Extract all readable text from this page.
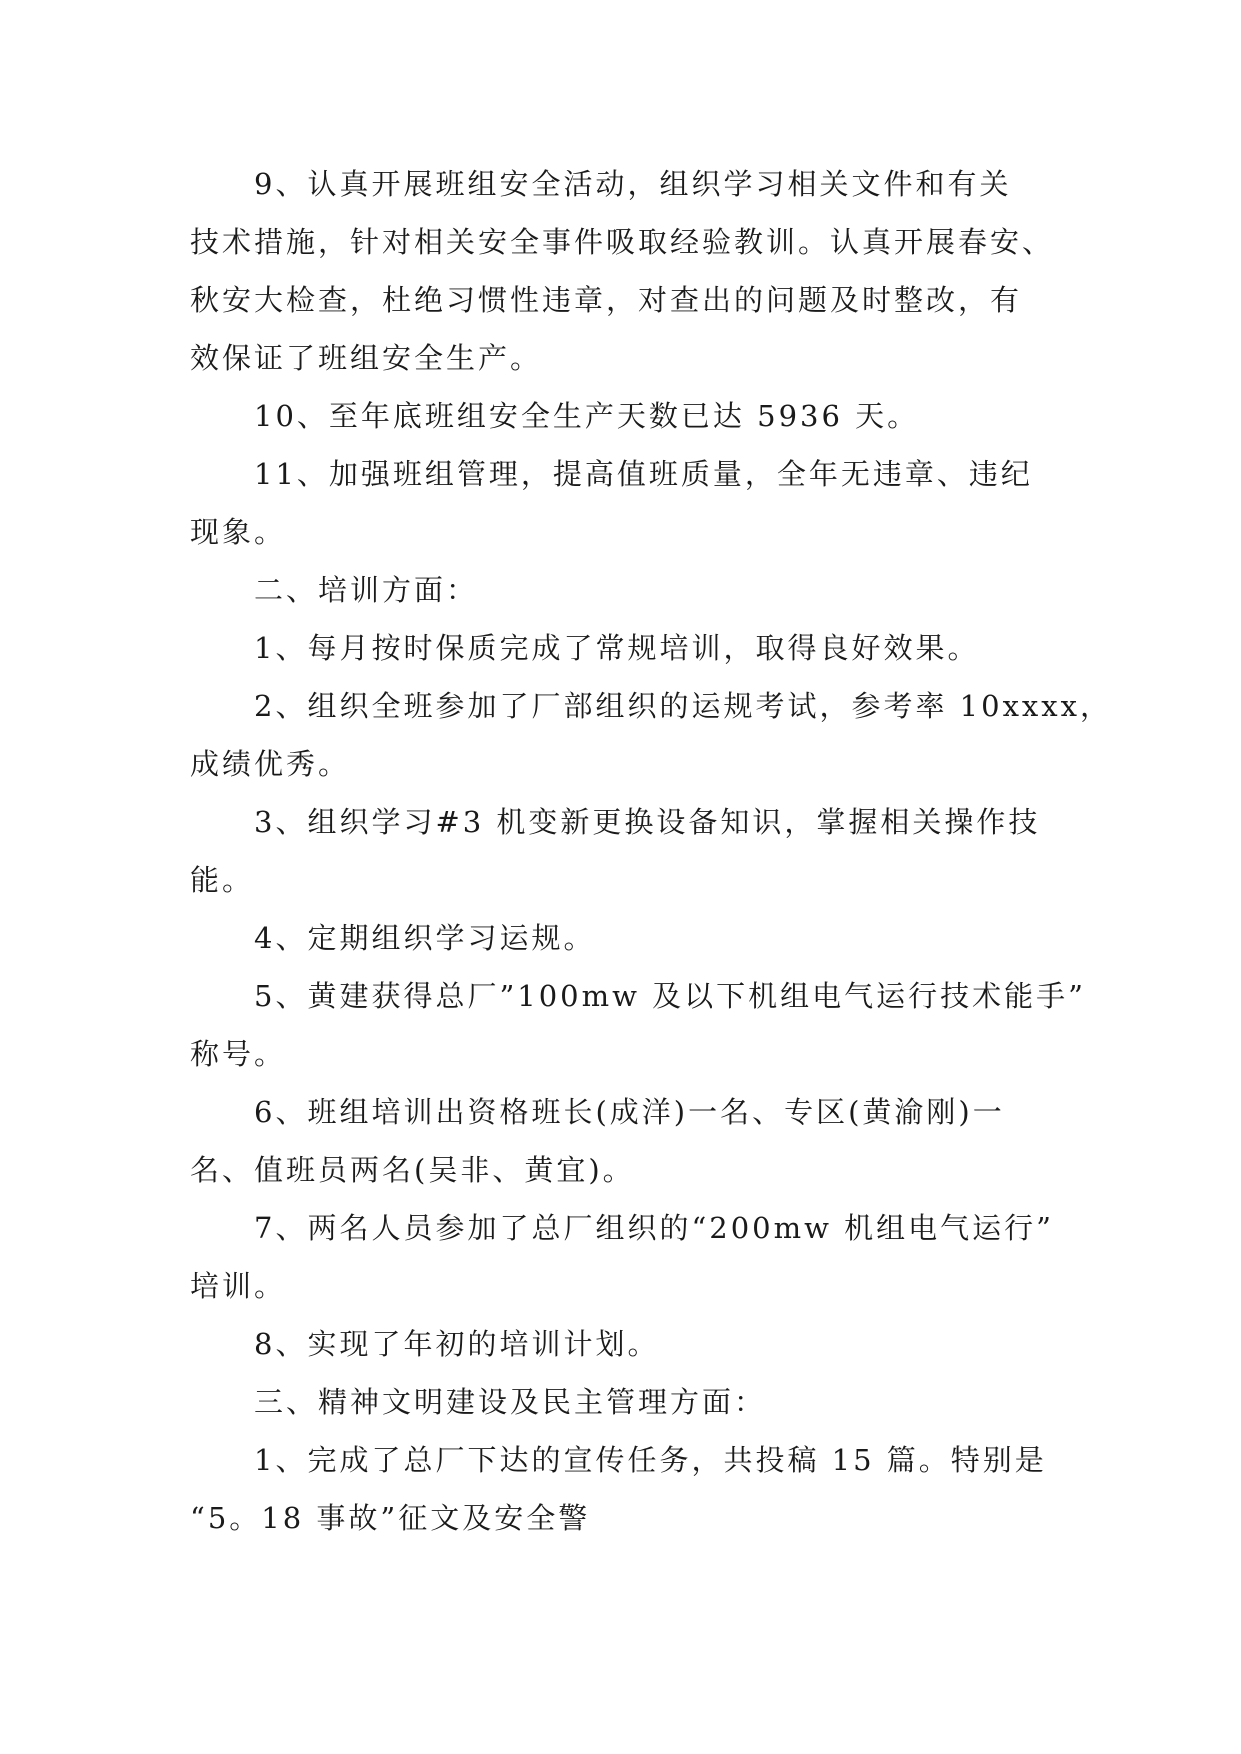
9、认真开展班组安全活动，组织学习相关文件和有关
技术措施，针对相关安全事件吸取经验教训。认真开展春安、
秋安大检查，杜绝习惯性违章，对查出的问题及时整改，有
效保证了班组安全生产。
10、至年底班组安全生产天数已达 5936 天。
11、加强班组管理，提高值班质量，全年无违章、违纪
现象。
二、培训方面：
1、每月按时保质完成了常规培训，取得良好效果。
2、组织全班参加了厂部组织的运规考试，参考率 10xxxx，
成绩优秀。
3、组织学习#3 机变新更换设备知识，掌握相关操作技
能。
4、定期组织学习运规。
5、黄建获得总厂”100mw 及以下机组电气运行技术能手”
称号。
6、班组培训出资格班长(成洋)一名、专区(黄渝刚)一
名、值班员两名(吴非、黄宜)。
7、两名人员参加了总厂组织的“200mw 机组电气运行”
培训。
8、实现了年初的培训计划。
三、精神文明建设及民主管理方面：
1、完成了总厂下达的宣传任务，共投稿 15 篇。特别是
“5。18 事故”征文及安全警
